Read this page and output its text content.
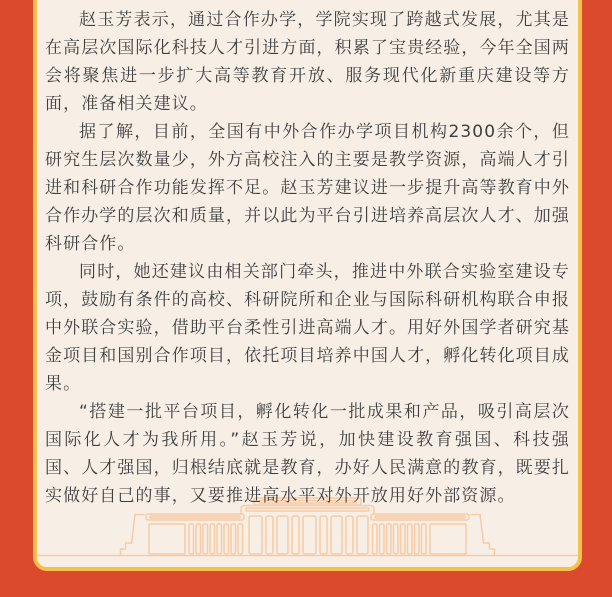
赵玉芳表示，通过合作办学，学院实现了跨越式发展，尤其是在高层次国际化科技人才引进方面，积累了宝贵经验，今年全国两会将聚焦进一步扩大高等教育开放、服务现代化新重庆建设等方面，准备相关建议。

据了解，目前，全国有中外合作办学项目机构2300余个，但研究生层次数量少，外方高校注入的主要是教学资源，高端人才引进和科研合作功能发挥不足。赵玉芳建议进一步提升高等教育中外合作办学的层次和质量，并以此为平台引进培养高层次人才、加强科研合作。

同时，她还建议由相关部门牵头，推进中外联合实验室建设专项，鼓励有条件的高校、科研院所和企业与国际科研机构联合申报中外联合实验，借助平台柔性引进高端人才。用好外国学者研究基金项目和国别合作项目，依托项目培养中国人才，孵化转化项目成果。

“搭建一批平台项目，孵化转化一批成果和产品，吸引高层次国际化人才为我所用。”赵玉芳说，加快建设教育强国、科技强国、人才强国，归根结底就是教育，办好人民满意的教育，既要扎实做好自己的事，又要推进高水平对外开放用好外部资源。
